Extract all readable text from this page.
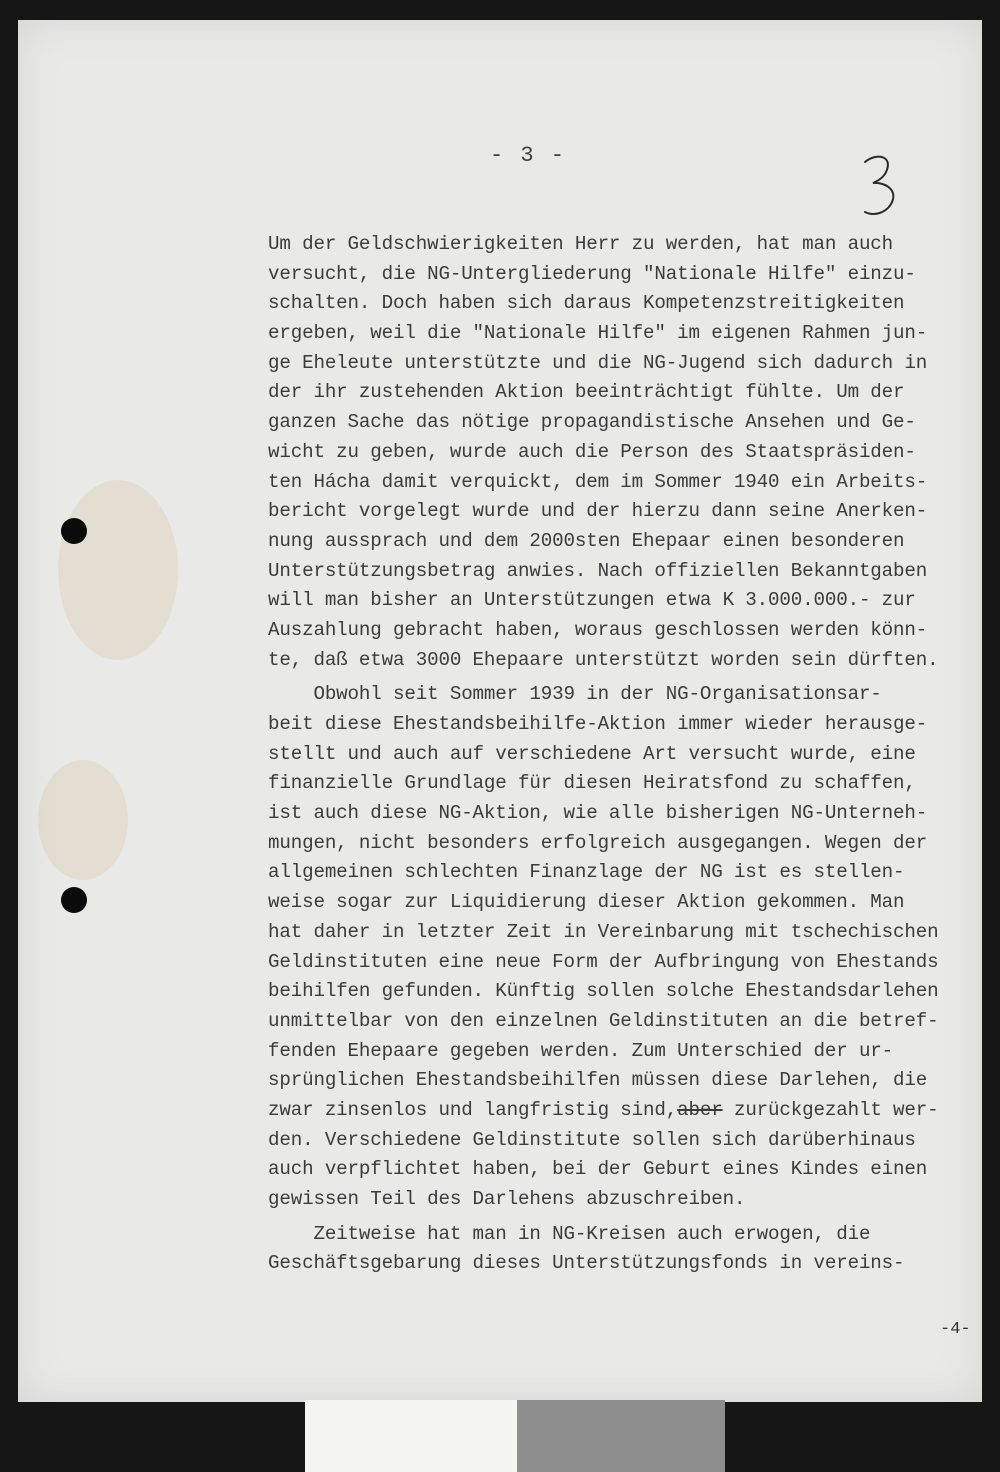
- 3 -
Um der Geldschwierigkeiten Herr zu werden, hat man auch
versucht, die NG-Untergliederung "Nationale Hilfe" einzu-
schalten. Doch haben sich daraus Kompetenzstreitigkeiten
ergeben, weil die "Nationale Hilfe" im eigenen Rahmen jun-
ge Eheleute unterstützte und die NG-Jugend sich dadurch in
der ihr zustehenden Aktion beeinträchtigt fühlte. Um der
ganzen Sache das nötige propagandistische Ansehen und Ge-
wicht zu geben, wurde auch die Person des Staatspräsiden-
ten Hácha damit verquickt, dem im Sommer 1940 ein Arbeits-
bericht vorgelegt wurde und der hierzu dann seine Anerken-
nung aussprach und dem 2000sten Ehepaar einen besonderen
Unterstützungsbetrag anwies. Nach offiziellen Bekanntgaben
will man bisher an Unterstützungen etwa K 3.000.000.- zur
Auszahlung gebracht haben, woraus geschlossen werden könn-
te, daß etwa 3000 Ehepaare unterstützt worden sein dürften.
Obwohl seit Sommer 1939 in der NG-Organisationsar-
beit diese Ehestandsbeihilfe-Aktion immer wieder herausge-
stellt und auch auf verschiedene Art versucht wurde, eine
finanzielle Grundlage für diesen Heiratsfond zu schaffen,
ist auch diese NG-Aktion, wie alle bisherigen NG-Unterneh-
mungen, nicht besonders erfolgreich ausgegangen. Wegen der
allgemeinen schlechten Finanzlage der NG ist es stellen-
weise sogar zur Liquidierung dieser Aktion gekommen. Man
hat daher in letzter Zeit in Vereinbarung mit tschechischen
Geldinstituten eine neue Form der Aufbringung von Ehestands
beihilfen gefunden. Künftig sollen solche Ehestandsdarlehen
unmittelbar von den einzelnen Geldinstituten an die betref-
fenden Ehepaare gegeben werden. Zum Unterschied der ur-
sprünglichen Ehestandsbeihilfen müssen diese Darlehen, die
zwar zinsenlos und langfristig sind,aber zurückgezahlt wer-
den. Verschiedene Geldinstitute sollen sich darüberhinaus
auch verpflichtet haben, bei der Geburt eines Kindes einen
gewissen Teil des Darlehens abzuschreiben.
Zeitweise hat man in NG-Kreisen auch erwogen, die
Geschäftsgebarung dieses Unterstützungsfonds in vereins-
-4-
